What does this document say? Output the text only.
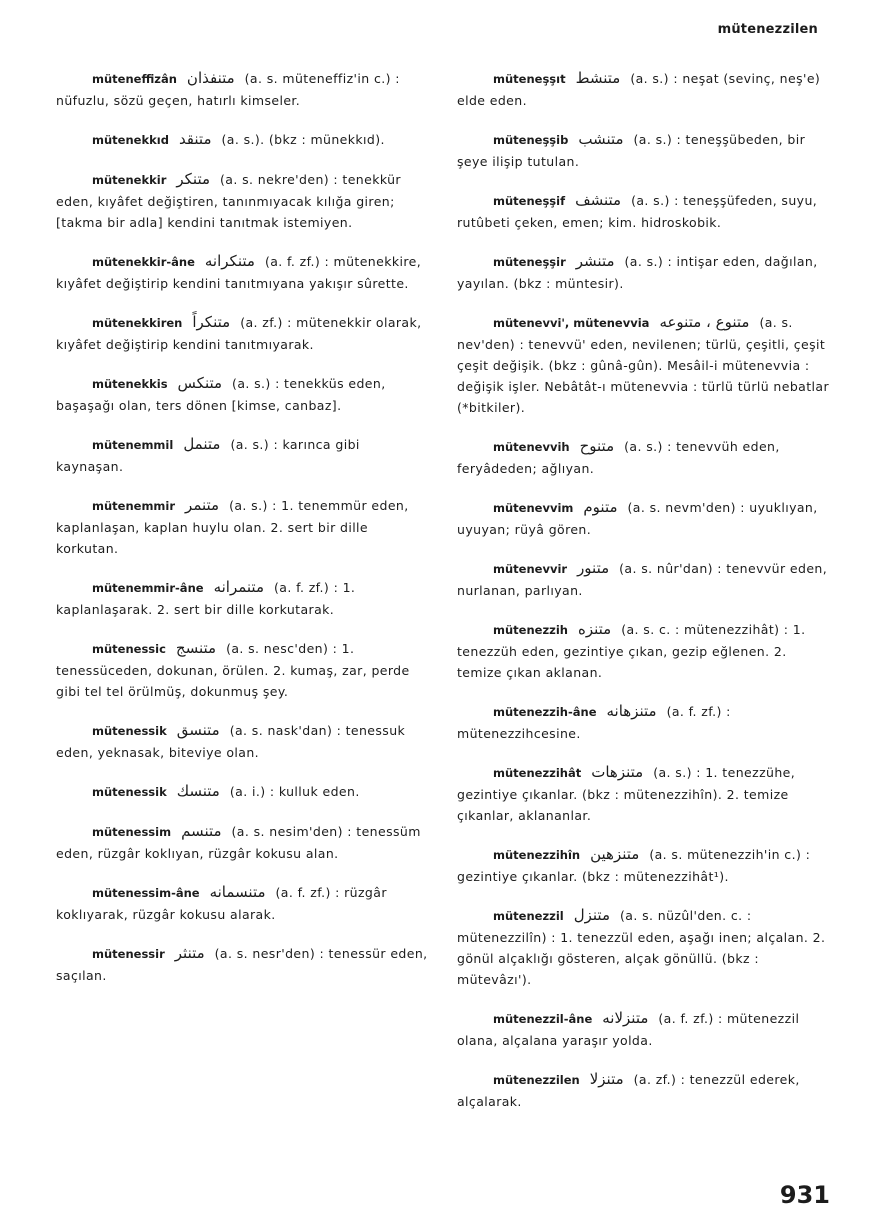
mütenezzilen
müteneffizân متنفذان (a. s. müteneffiz'in c.) : nüfuzlu, sözü geçen, hatırlı kimseler.
mütenekkıd متنقد (a. s.). (bkz : münekkıd).
mütenekkir متنكر (a. s. nekre'den) : tenekkür eden, kıyâfet değiştiren, tanınmıyacak kılığa giren; [takma bir adla] kendini tanıtmak istemiyen.
mütenekkir-âne متنكرانه (a. f. zf.) : mütenekkire, kıyâfet değiştirip kendini tanıtmıyana yakışır sûrette.
mütenekkiren متنكراً (a. zf.) : mütenekkir olarak, kıyâfet değiştirip kendini tanıtmıyarak.
mütenekkis متنكس (a. s.) : tenekküs eden, başaşağı olan, ters dönen [kimse, canbaz].
mütenemmil متنمل (a. s.) : karınca gibi kaynaşan.
mütenemmir متنمر (a. s.) : 1. tenemmür eden, kaplanlaşan, kaplan huylu olan. 2. sert bir dille korkutan.
mütenemmir-âne متنمرانه (a. f. zf.) : 1. kaplanlaşarak. 2. sert bir dille korkutarak.
mütenessic متنسج (a. s. nesc'den) : 1. tenessüceden, dokunan, örülen. 2. kumaş, zar, perde gibi tel tel örülmüş, dokunmuş şey.
mütenessik متنسق (a. s. nask'dan) : tenessuk eden, yeknasak, biteviye olan.
mütenessik متنسك (a. i.) : kulluk eden.
mütenessim متنسم (a. s. nesim'den) : tenessüm eden, rüzgâr koklıyan, rüzgâr kokusu alan.
mütenessim-âne متنسمانه (a. f. zf.) : rüzgâr koklıyarak, rüzgâr kokusu alarak.
mütenessir متنثر (a. s. nesr'den) : tenessür eden, saçılan.
müteneşşıt متنشط (a. s.) : neşat (sevinç, neş'e) elde eden.
müteneşşib متنشب (a. s.) : teneşşübeden, bir şeye ilişip tutulan.
müteneşşif متنشف (a. s.) : teneşşüfeden, suyu, rutûbeti çeken, emen; kim. hidroskobik.
müteneşşir متنشر (a. s.) : intişar eden, dağılan, yayılan. (bkz : müntesir).
mütenevvi', mütenevvia متنوع ، متنوعه (a. s. nev'den) : tenevvü' eden, nevilenen; türlü, çeşitli, çeşit çeşit değişik. (bkz : gûnâ-gûn). Mesâil-i mütenevvia : değişik işler. Nebâtât-ı mütenevvia : türlü türlü nebatlar (*bitkiler).
mütenevvih متنوح (a. s.) : tenevvüh eden, feryâdeden; ağlıyan.
mütenevvim متنوم (a. s. nevm'den) : uyuklıyan, uyuyan; rüyâ gören.
mütenevvir متنور (a. s. nûr'dan) : tenevvür eden, nurlanan, parlıyan.
mütenezzih متنزه (a. s. c. : mütenezzihât) : 1. tenezzüh eden, gezintiye çıkan, gezip eğlenen. 2. temize çıkan aklanan.
mütenezzih-âne متنزهانه (a. f. zf.) : mütenezzihcesine.
mütenezzihât متنزهات (a. s.) : 1. tenezzühe, gezintiye çıkanlar. (bkz : mütenezzihîn). 2. temize çıkanlar, aklananlar.
mütenezzihîn متنزهين (a. s. mütenezzih'in c.) : gezintiye çıkanlar. (bkz : mütenezzihât¹).
mütenezzil متنزل (a. s. nüzûl'den. c. : mütenezzilîn) : 1. tenezzül eden, aşağı inen; alçalan. 2. gönül alçaklığı gösteren, alçak gönüllü. (bkz : mütevâzı').
mütenezzil-âne متنزلانه (a. f. zf.) : mütenezzil olana, alçalana yaraşır yolda.
mütenezzilen متنزلا (a. zf.) : tenezzül ederek, alçalarak.
931
